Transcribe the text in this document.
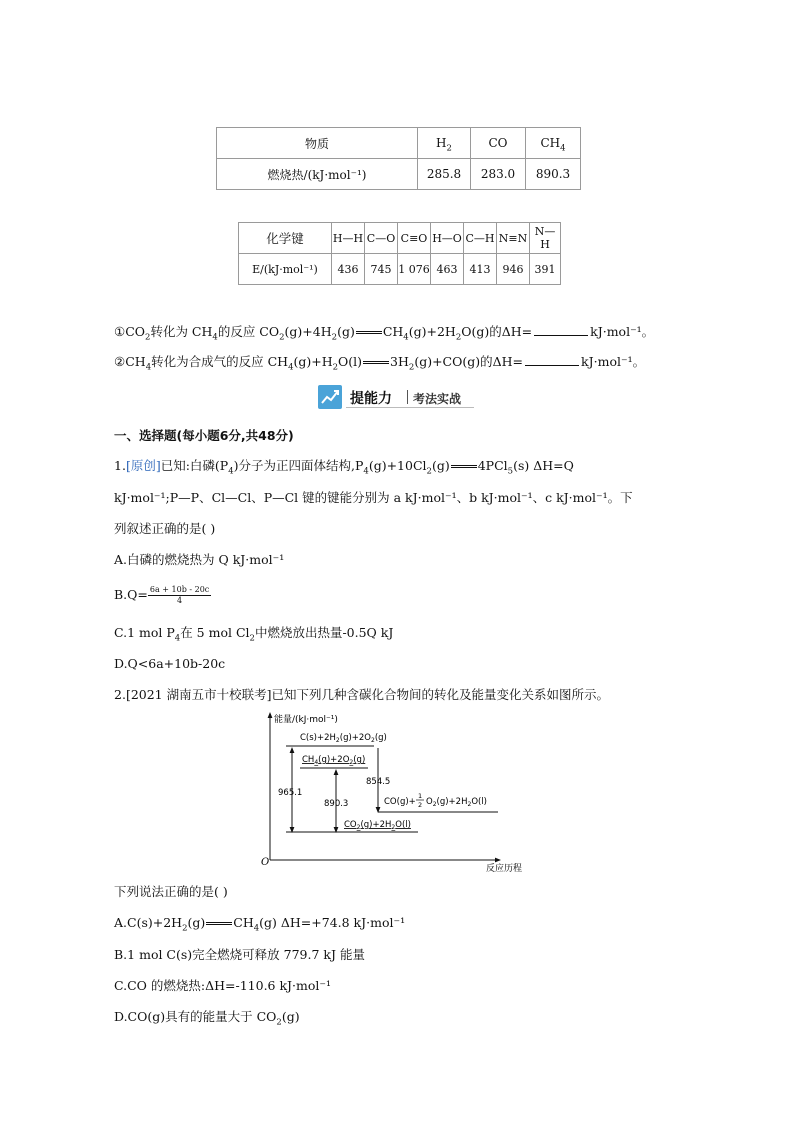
物质	$H_2$	CO	$CH_4$
燃烧热/(kJ·mol⁻¹)	285.8	283.0	890.3
化学键	H—H	C—O	C≡O	H—O	C—H	N≡N	N—H
E/(kJ·mol⁻¹)	436	745	1 076	463	413	946	391
$①CO_2$转化为 $CH_4$的反应 $CO_2(g)+4H_2(g)$ $CH_4(g)+2H_2O(g)$的ΔH=	kJ·mol⁻¹。
$②CH_4$转化为合成气的反应 $CH_4(g)+H_2O(l)$ $3H_2(g)+CO(g)$的ΔH=	kJ·mol⁻¹。
提能力 考法实战
一、选择题(每小题6分,共48分)
1.[原创]已知:白磷$(P_4)$分子为正四面体结构$,P_4(g)+10Cl_2(g)$ 4PCl$_5$(s) ΔH=Q
kJ·mol⁻¹;P—P、Cl—Cl、P—Cl 键的键能分别为 a kJ·mol⁻¹、b kJ·mol⁻¹、c kJ·mol⁻¹。下
列叙述正确的是( )
A.白磷的燃烧热为 Q kJ·mol⁻¹
$B.Q= \frac{6a + 10b - 20c}{4}$
C.1 mol $P_4$在 5 mol $Cl_2$中燃烧放出热量-0.5Q kJ
D.Q<6a+10b-20c
2.[2021 湖南五市十校联考]已知下列几种含碳化合物间的转化及能量变化关系如图所示。
能量/(kJ·mol⁻¹)
反应历程
O
$C(s)+2H_2(g)+2O_2(g)$
$CH_4(g)+2O_2(g)$
CO(g)+
1
2 $O_2(g)+2H_2O(l)$
$CO_2(g)+2H_2O(l)$
965.1
890.3
854.5
下列说法正确的是( )
$A.C(s)+2H_2(g)$ $CH_4(g)$ ΔH=+74.8 kJ·mol⁻¹
B.1 mol C(s)完全燃烧可释放 779.7 kJ 能量
C.CO 的燃烧热:ΔH=-110.6 kJ·mol⁻¹
D.CO(g)具有的能量大于 $CO_2(g)$
